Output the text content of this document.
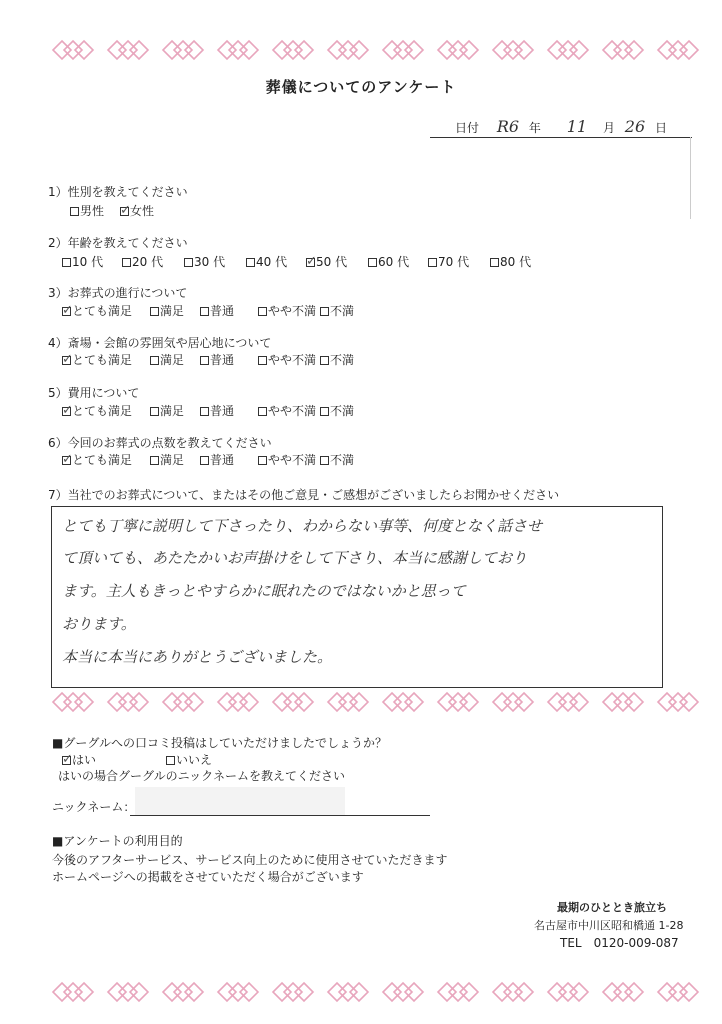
葬儀についてのアンケート
日付 R6 年 11 月 26 日
1）性別を教えてください
男性 ✓ 女性
2）年齢を教えてください
10 代	20 代	30 代	40 代 ✓ 50 代	60 代	70 代	80 代
3）お葬式の進行について
✓ とても満足	満足	普通	やや不満	不満
4）斎場・会館の雰囲気や居心地について
✓ とても満足	満足	普通	やや不満	不満
5）費用について
✓ とても満足	満足	普通	やや不満	不満
6）今回のお葬式の点数を教えてください
✓ とても満足	満足	普通	やや不満	不満
7）当社でのお葬式について、またはその他ご意見・ご感想がございましたらお聞かせください
とても丁寧に説明して下さったり、わからない事等、何度となく話させ
て頂いても、あたたかいお声掛けをして下さり、本当に感謝しており
ます。主人もきっとやすらかに眠れたのではないかと思って
おります。
本当に本当にありがとうございました。
■グーグルへの口コミ投稿はしていただけましたでしょうか？
✓ はい	いいえ
はいの場合グーグルのニックネームを教えてください
ニックネーム：
■アンケートの利用目的
今後のアフターサービス、サービス向上のために使用させていただきます
ホームページへの掲載をさせていただく場合がございます
最期のひととき旅立ち
名古屋市中川区昭和橋通 1-28
TEL　0120-009-087
